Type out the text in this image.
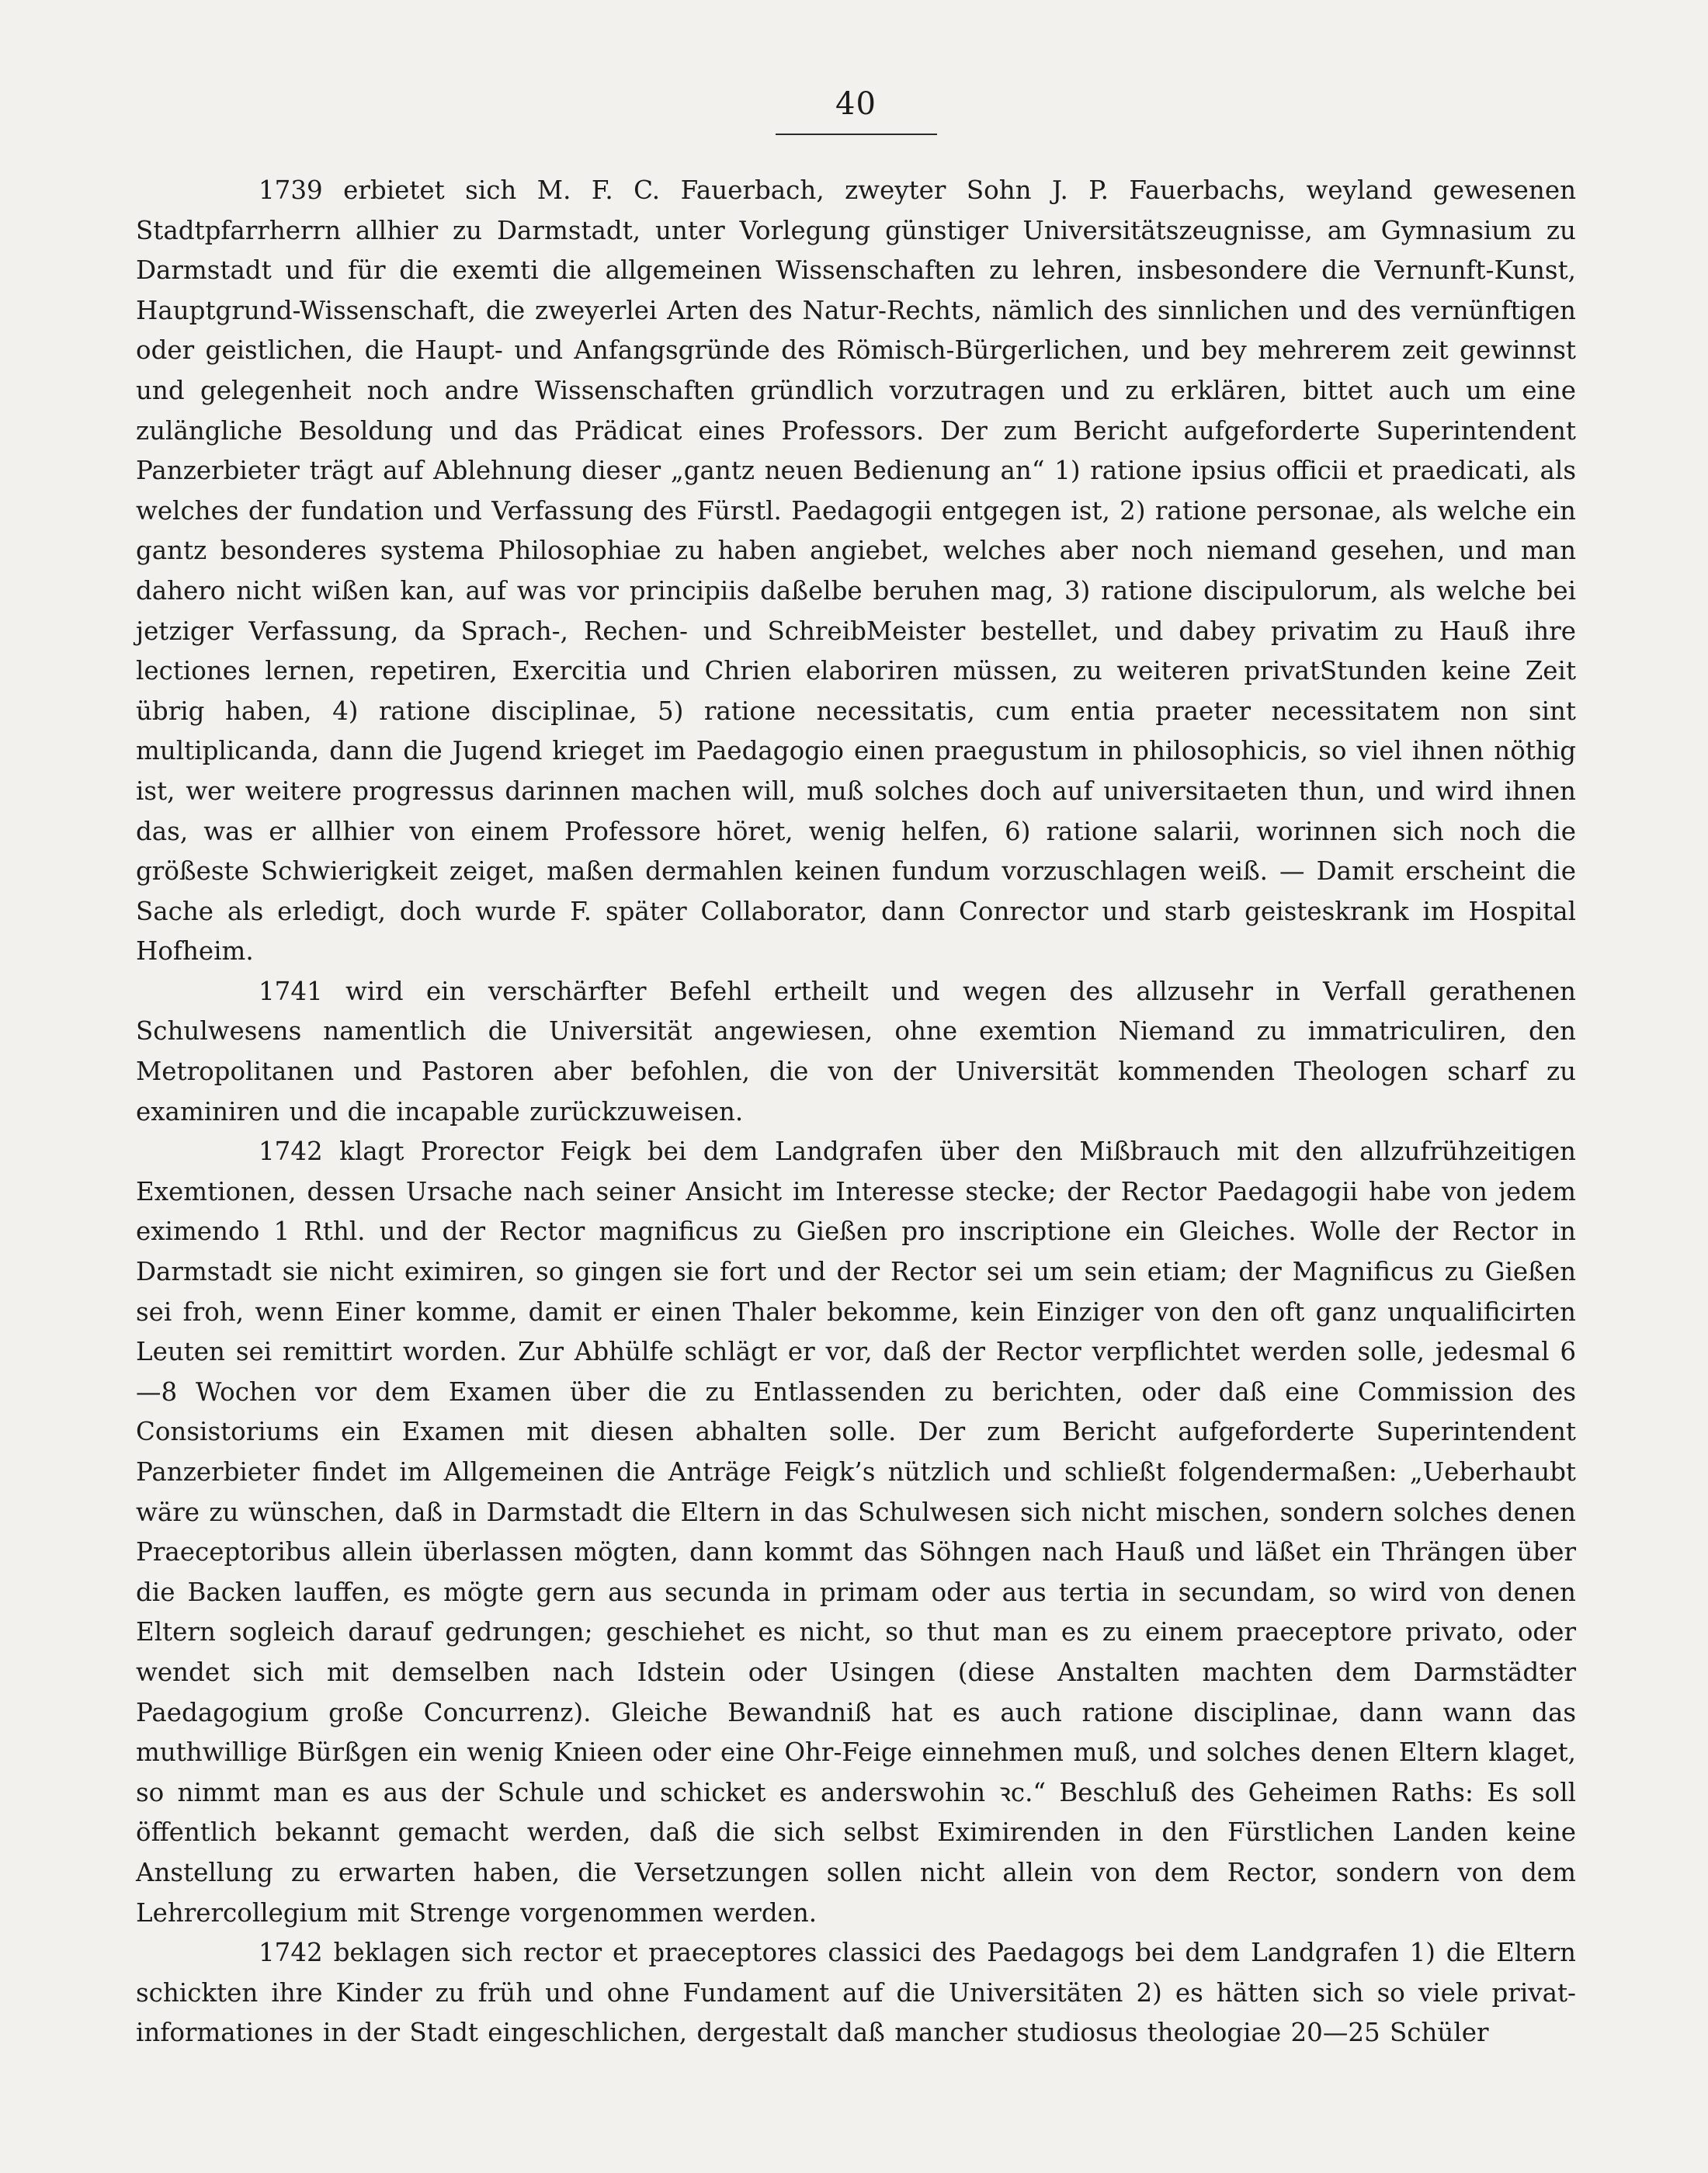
40

1739 erbietet sich M. F. C. Fauerbach, zweyter Sohn J. P. Fauerbachs, weyland gewesenen Stadtpfarrherrn allhier zu Darmstadt, unter Vorlegung günstiger Universitätszeugnisse, am Gymnasium zu Darmstadt und für die exemti die allgemeinen Wissenschaften zu lehren, insbesondere die Vernunft-Kunst, Hauptgrund-Wissenschaft, die zweyerlei Arten des Natur-Rechts, nämlich des sinnlichen und des vernünftigen oder geistlichen, die Haupt- und Anfangsgründe des Römisch-Bürgerlichen, und bey mehrerem zeit gewinnst und gelegenheit noch andre Wissenschaften gründlich vorzutragen und zu erklären, bittet auch um eine zulängliche Besoldung und das Prädicat eines Professors. Der zum Bericht aufgeforderte Superintendent Panzerbieter trägt auf Ablehnung dieser „gantz neuen Bedienung an“ 1) ratione ipsius officii et praedicati, als welches der fundation und Verfassung des Fürstl. Paedagogii entgegen ist, 2) ratione personae, als welche ein gantz besonderes systema Philosophiae zu haben angiebet, welches aber noch niemand gesehen, und man dahero nicht wißen kan, auf was vor principiis daßelbe beruhen mag, 3) ratione discipulorum, als welche bei jetziger Verfassung, da Sprach-, Rechen- und SchreibMeister bestellet, und dabey privatim zu Hauß ihre lectiones lernen, repetiren, Exercitia und Chrien elaboriren müssen, zu weiteren privatStunden keine Zeit übrig haben, 4) ratione disciplinae, 5) ratione necessitatis, cum entia praeter necessitatem non sint multiplicanda, dann die Jugend krieget im Paedagogio einen praegustum in philosophicis, so viel ihnen nöthig ist, wer weitere progressus darinnen machen will, muß solches doch auf universitaeten thun, und wird ihnen das, was er allhier von einem Professore höret, wenig helfen, 6) ratione salarii, worinnen sich noch die größeste Schwierigkeit zeiget, maßen dermahlen keinen fundum vorzuschlagen weiß. — Damit erscheint die Sache als erledigt, doch wurde F. später Collaborator, dann Conrector und starb geisteskrank im Hospital Hofheim.

1741 wird ein verschärfter Befehl ertheilt und wegen des allzusehr in Verfall gerathenen Schulwesens namentlich die Universität angewiesen, ohne exemtion Niemand zu immatriculiren, den Metropolitanen und Pastoren aber befohlen, die von der Universität kommenden Theologen scharf zu examiniren und die incapable zurückzuweisen.

1742 klagt Prorector Feigk bei dem Landgrafen über den Mißbrauch mit den allzufrühzeitigen Exemtionen, dessen Ursache nach seiner Ansicht im Interesse stecke; der Rector Paedagogii habe von jedem eximendo 1 Rthl. und der Rector magnificus zu Gießen pro inscriptione ein Gleiches. Wolle der Rector in Darmstadt sie nicht eximiren, so gingen sie fort und der Rector sei um sein etiam; der Magnificus zu Gießen sei froh, wenn Einer komme, damit er einen Thaler bekomme, kein Einziger von den oft ganz unqualificirten Leuten sei remittirt worden. Zur Abhülfe schlägt er vor, daß der Rector verpflichtet werden solle, jedesmal 6—8 Wochen vor dem Examen über die zu Entlassenden zu berichten, oder daß eine Commission des Consistoriums ein Examen mit diesen abhalten solle. Der zum Bericht aufgeforderte Superintendent Panzerbieter findet im Allgemeinen die Anträge Feigk’s nützlich und schließt folgendermaßen: „Ueberhaubt wäre zu wünschen, daß in Darmstadt die Eltern in das Schulwesen sich nicht mischen, sondern solches denen Praeceptoribus allein überlassen mögten, dann kommt das Söhngen nach Hauß und läßet ein Thrängen über die Backen lauffen, es mögte gern aus secunda in primam oder aus tertia in secundam, so wird von denen Eltern sogleich darauf gedrungen; geschiehet es nicht, so thut man es zu einem praeceptore privato, oder wendet sich mit demselben nach Idstein oder Usingen (diese Anstalten machten dem Darmstädter Paedagogium große Concurrenz). Gleiche Bewandniß hat es auch ratione disciplinae, dann wann das muthwillige Bürßgen ein wenig Knieen oder eine Ohr-Feige einnehmen muß, und solches denen Eltern klaget, so nimmt man es aus der Schule und schicket es anderswohin ꝛc.“ Beschluß des Geheimen Raths: Es soll öffentlich bekannt gemacht werden, daß die sich selbst Eximirenden in den Fürstlichen Landen keine Anstellung zu erwarten haben, die Versetzungen sollen nicht allein von dem Rector, sondern von dem Lehrercollegium mit Strenge vorgenommen werden.

1742 beklagen sich rector et praeceptores classici des Paedagogs bei dem Landgrafen 1) die Eltern schickten ihre Kinder zu früh und ohne Fundament auf die Universitäten 2) es hätten sich so viele privat-informationes in der Stadt eingeschlichen, dergestalt daß mancher studiosus theologiae 20—25 Schüler
